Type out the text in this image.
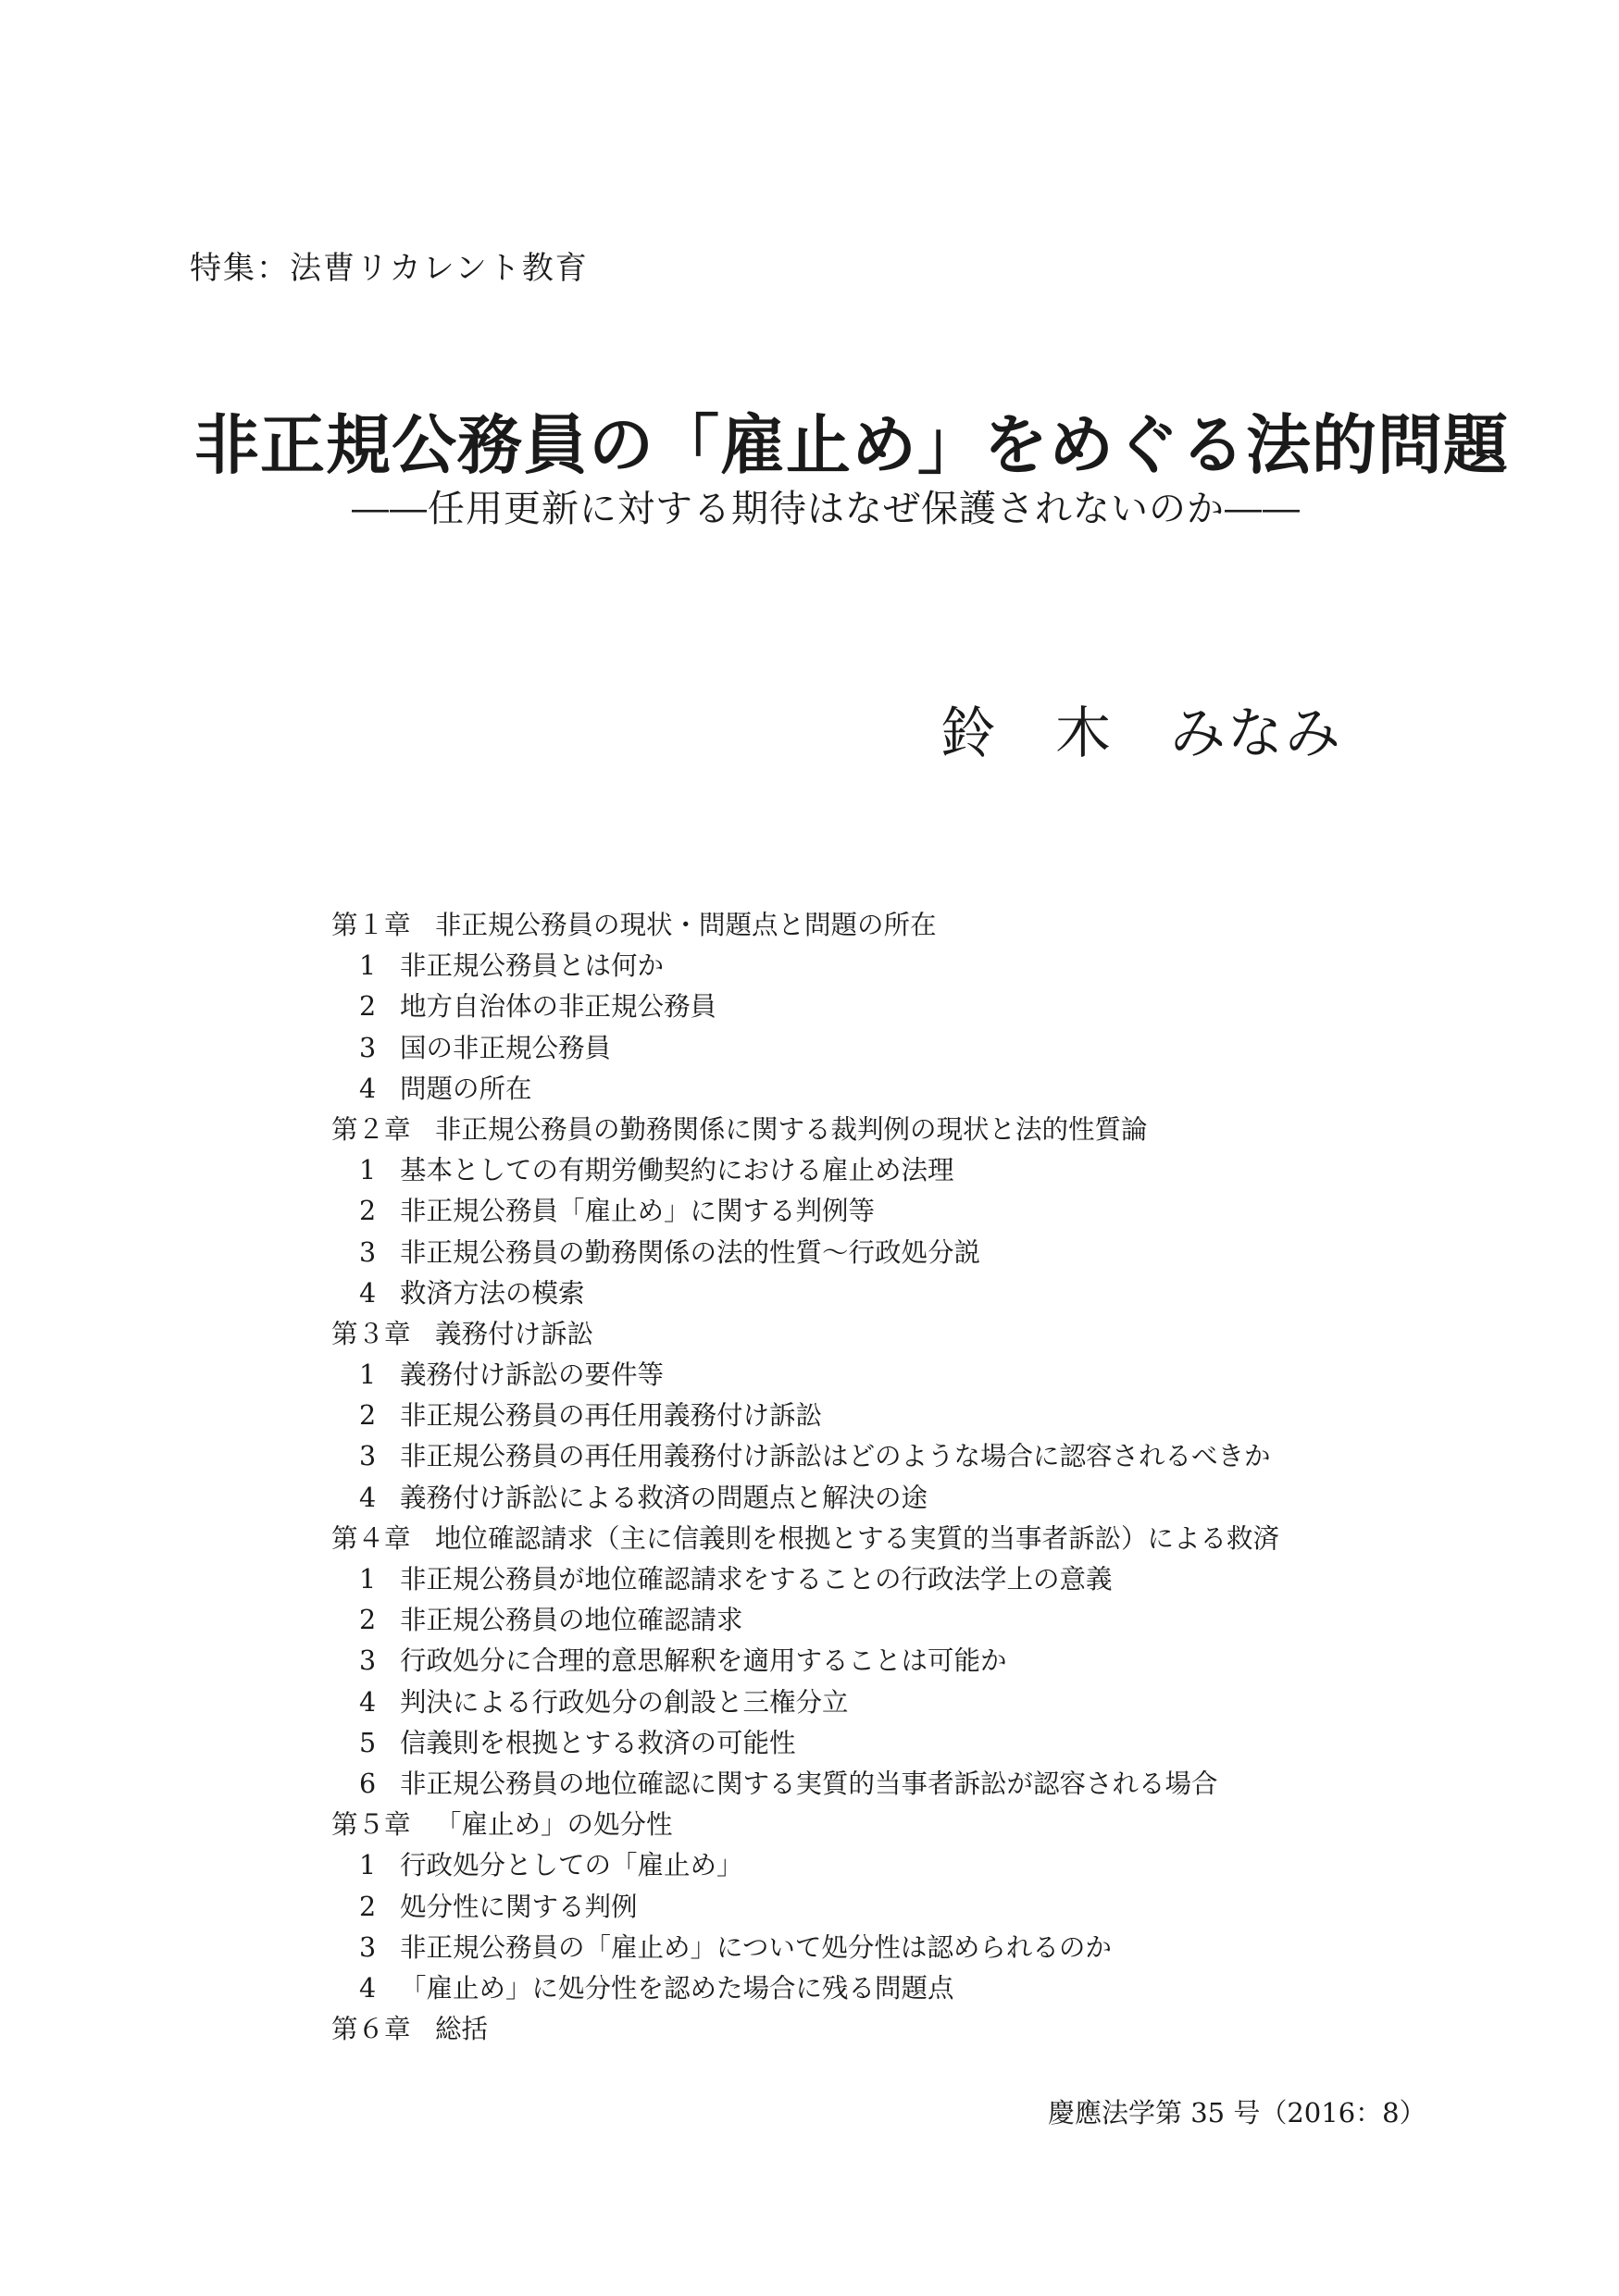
特集：法曹リカレント教育
非正規公務員の「雇止め」をめぐる法的問題
――任用更新に対する期待はなぜ保護されないのか――
鈴　木　みなみ
第１章 非正規公務員の現状・問題点と問題の所在
1 非正規公務員とは何か
2 地方自治体の非正規公務員
3 国の非正規公務員
4 問題の所在
第２章 非正規公務員の勤務関係に関する裁判例の現状と法的性質論
1 基本としての有期労働契約における雇止め法理
2 非正規公務員「雇止め」に関する判例等
3 非正規公務員の勤務関係の法的性質～行政処分説
4 救済方法の模索
第３章 義務付け訴訟
1 義務付け訴訟の要件等
2 非正規公務員の再任用義務付け訴訟
3 非正規公務員の再任用義務付け訴訟はどのような場合に認容されるべきか
4 義務付け訴訟による救済の問題点と解決の途
第４章 地位確認請求（主に信義則を根拠とする実質的当事者訴訟）による救済
1 非正規公務員が地位確認請求をすることの行政法学上の意義
2 非正規公務員の地位確認請求
3 行政処分に合理的意思解釈を適用することは可能か
4 判決による行政処分の創設と三権分立
5 信義則を根拠とする救済の可能性
6 非正規公務員の地位確認に関する実質的当事者訴訟が認容される場合
第５章 「雇止め」の処分性
1 行政処分としての「雇止め」
2 処分性に関する判例
3 非正規公務員の「雇止め」について処分性は認められるのか
4 「雇止め」に処分性を認めた場合に残る問題点
第６章 総括
慶應法学第 35 号（2016：8）
